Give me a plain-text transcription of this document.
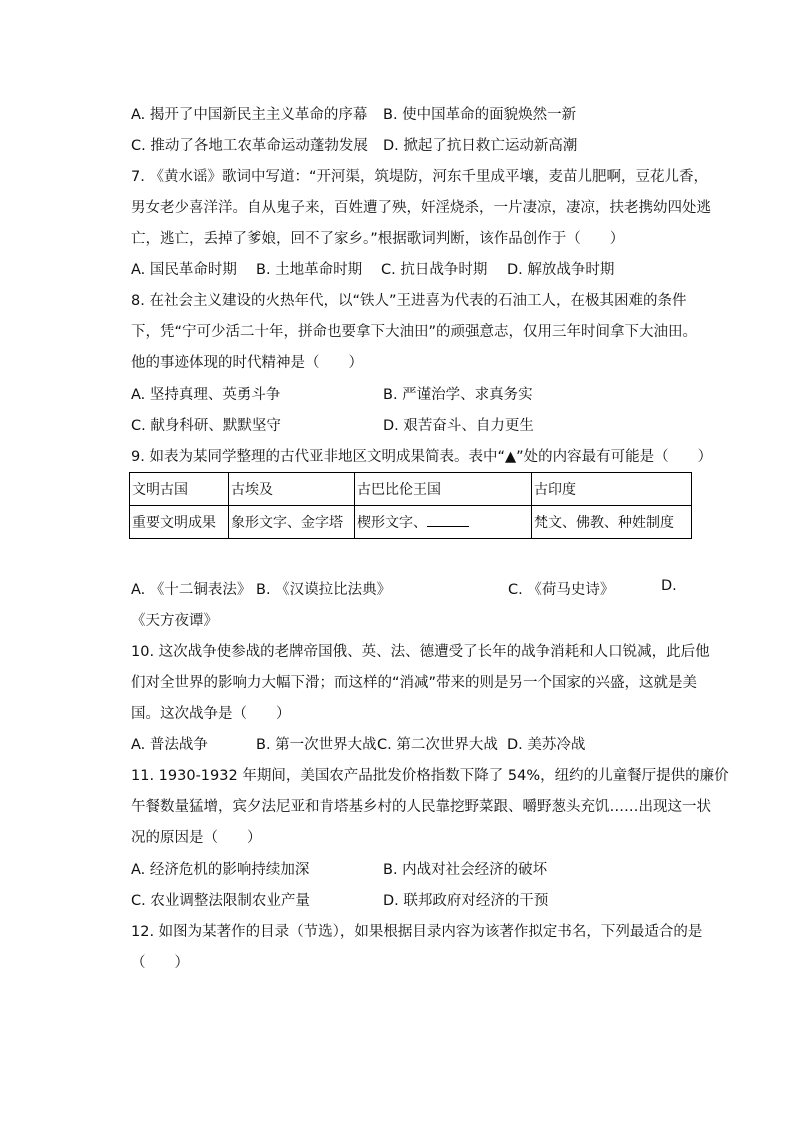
A. 揭开了中国新民主主义革命的序幕 B. 使中国革命的面貌焕然一新
C. 推动了各地工农革命运动蓬勃发展 D. 掀起了抗日救亡运动新高潮
7. 《黄水谣》歌词中写道：“开河渠，筑堤防，河东千里成平壤，麦苗儿肥啊，豆花儿香，
男女老少喜洋洋。自从鬼子来，百姓遭了殃，奸淫烧杀，一片凄凉，凄凉，扶老携幼四处逃
亡，逃亡，丢掉了爹娘，回不了家乡。”根据歌词判断，该作品创作于（　　）
A. 国民革命时期 B. 土地革命时期 C. 抗日战争时期 D. 解放战争时期
8. 在社会主义建设的火热年代，以“铁人”王进喜为代表的石油工人，在极其困难的条件
下，凭“宁可少活二十年，拼命也要拿下大油田”的顽强意志，仅用三年时间拿下大油田。
他的事迹体现的时代精神是（　　）
A. 坚持真理、英勇斗争	B. 严谨治学、求真务实
C. 献身科研、默默坚守	D. 艰苦奋斗、自力更生
9. 如表为某同学整理的古代亚非地区文明成果简表。表中“▲”处的内容最有可能是（　　）
文明古国	古埃及	古巴比伦王国	古印度
重要文明成果	象形文字、金字塔	楔形文字、	梵文、佛教、种姓制度
A. 《十二铜表法》 B. 《汉谟拉比法典》	C. 《荷马史诗》	D.
《天方夜谭》
10. 这次战争使参战的老牌帝国俄、英、法、德遭受了长年的战争消耗和人口锐减，此后他
们对全世界的影响力大幅下滑；而这样的“消减”带来的则是另一个国家的兴盛，这就是美
国。这次战争是（　　）
A. 普法战争	B. 第一次世界大战 C. 第二次世界大战 D. 美苏冷战
11. 1930-1932 年期间，美国农产品批发价格指数下降了 54%，纽约的儿童餐厅提供的廉价
午餐数量猛增，宾夕法尼亚和肯塔基乡村的人民靠挖野菜跟、嚼野葱头充饥……出现这一状
况的原因是（　　）
A. 经济危机的影响持续加深	B. 内战对社会经济的破坏
C. 农业调整法限制农业产量	D. 联邦政府对经济的干预
12. 如图为某著作的目录（节选），如果根据目录内容为该著作拟定书名，下列最适合的是
（　　）
